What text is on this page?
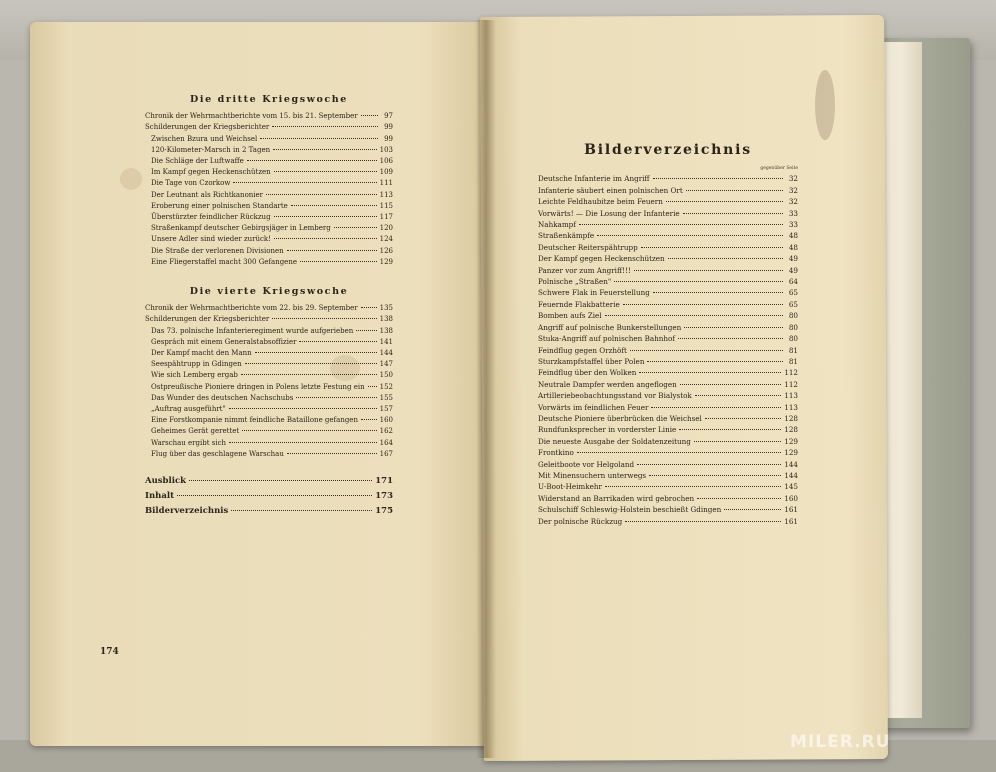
Die dritte Kriegswoche
Chronik der Wehrmachtberichte vom 15. bis 21. September	97
Schilderungen der Kriegsberichter	99
Zwischen Bzura und Weichsel	99
120-Kilometer-Marsch in 2 Tagen	103
Die Schläge der Luftwaffe	106
Im Kampf gegen Heckenschützen	109
Die Tage von Czorkow	111
Der Leutnant als Richtkanonier	113
Eroberung einer polnischen Standarte	115
Überstürzter feindlicher Rückzug	117
Straßenkampf deutscher Gebirgsjäger in Lemberg	120
Unsere Adler sind wieder zurück!	124
Die Straße der verlorenen Divisionen	126
Eine Fliegerstaffel macht 300 Gefangene	129
Die vierte Kriegswoche
Chronik der Wehrmachtberichte vom 22. bis 29. September	135
Schilderungen der Kriegsberichter	138
Das 73. polnische Infanterieregiment wurde aufgerieben	138
Gespräch mit einem Generalstabsoffizier	141
Der Kampf macht den Mann	144
Seespähtrupp in Gdingen	147
Wie sich Lemberg ergab	150
Ostpreußische Pioniere dringen in Polens letzte Festung ein 152
Das Wunder des deutschen Nachschubs	155
„Auftrag ausgeführt"	157
Eine Forstkompanie nimmt feindliche Bataillone gefangen	160
Geheimes Gerät gerettet	162
Warschau ergibt sich	164
Flug über das geschlagene Warschau	167
Ausblick	171
Inhalt	173
Bilderverzeichnis	175
174
Bilderverzeichnis
gegenüber Seite
Deutsche Infanterie im Angriff	32
Infanterie säubert einen polnischen Ort	32
Leichte Feldhaubitze beim Feuern	32
Vorwärts! — Die Losung der Infanterie	33
Nahkampf	33
Straßenkämpfe	48
Deutscher Reiterspähtrupp	48
Der Kampf gegen Heckenschützen	49
Panzer vor zum Angriff!!!	49
Polnische „Straßen"	64
Schwere Flak in Feuerstellung	65
Feuernde Flakbatterie	65
Bomben aufs Ziel	80
Angriff auf polnische Bunkerstellungen	80
Stuka-Angriff auf polnischen Bahnhof	80
Feindflug gegen Orzhöft	81
Sturzkampfstaffel über Polen	81
Feindflug über den Wolken	112
Neutrale Dampfer werden angeflogen	112
Artilleriebeobachtungsstand vor Bialystok	113
Vorwärts im feindlichen Feuer	113
Deutsche Pioniere überbrücken die Weichsel	128
Rundfunksprecher in vorderster Linie	128
Die neueste Ausgabe der Soldatenzeitung	129
Frontkino	129
Geleitboote vor Helgoland	144
Mit Minensuchern unterwegs	144
U-Boot-Heimkehr	145
Widerstand an Barrikaden wird gebrochen	160
Schulschiff Schleswig-Holstein beschießt Gdingen	161
Der polnische Rückzug	161
MILER.RU
